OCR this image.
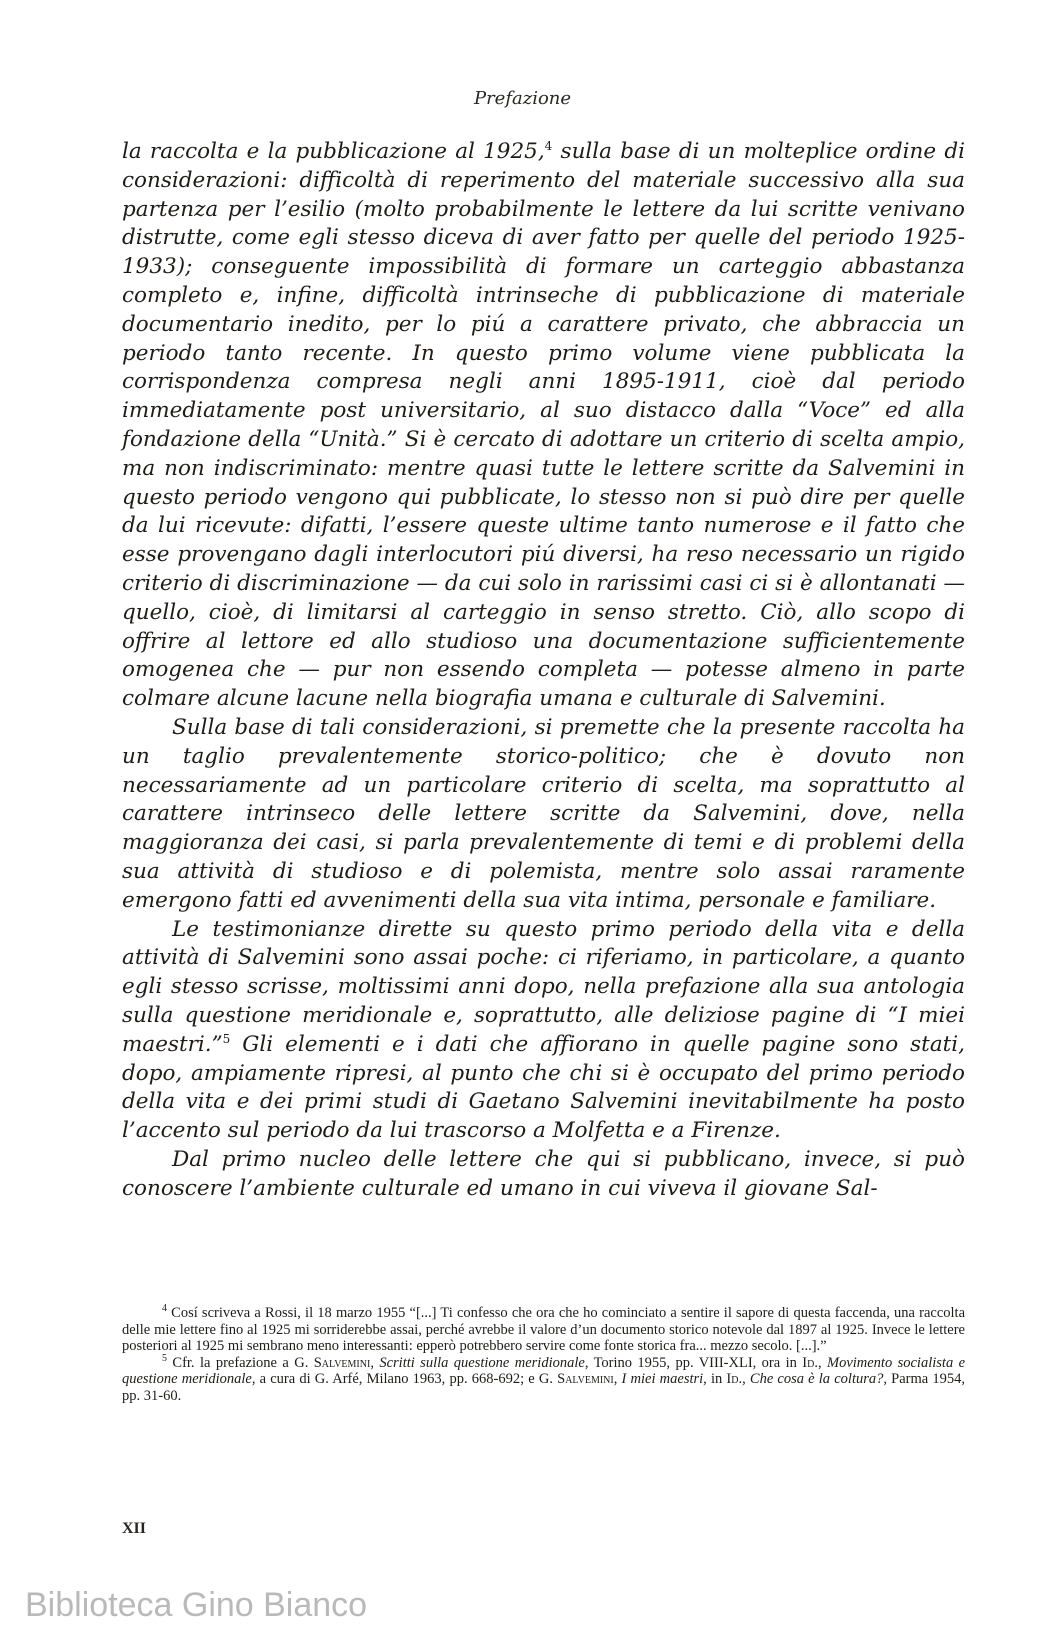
Prefazione

la raccolta e la pubblicazione al 1925,$^4$ sulla base di un molteplice ordine di considerazioni: difficoltà di reperimento del materiale successivo alla sua partenza per l’esilio (molto probabilmente le lettere da lui scritte venivano distrutte, come egli stesso diceva di aver fatto per quelle del periodo 1925-1933); conseguente impossibilità di formare un carteggio abbastanza completo e, infine, difficoltà intrinseche di pubblicazione di materiale documentario inedito, per lo piú a carattere privato, che abbraccia un periodo tanto recente. In questo primo volume viene pubblicata la corrispondenza compresa negli anni 1895-1911, cioè dal periodo immediatamente post universitario, al suo distacco dalla “Voce” ed alla fondazione della “Unità.” Si è cercato di adottare un criterio di scelta ampio, ma non indiscriminato: mentre quasi tutte le lettere scritte da Salvemini in questo periodo vengono qui pubblicate, lo stesso non si può dire per quelle da lui ricevute: difatti, l’essere queste ultime tanto numerose e il fatto che esse provengano dagli interlocutori piú diversi, ha reso necessario un rigido criterio di discriminazione — da cui solo in rarissimi casi ci si è allontanati — quello, cioè, di limitarsi al carteggio in senso stretto. Ciò, allo scopo di offrire al lettore ed allo studioso una documentazione sufficientemente omogenea che — pur non essendo completa — potesse almeno in parte colmare alcune lacune nella biografia umana e culturale di Salvemini.

Sulla base di tali considerazioni, si premette che la presente raccolta ha un taglio prevalentemente storico-politico; che è dovuto non necessariamente ad un particolare criterio di scelta, ma soprattutto al carattere intrinseco delle lettere scritte da Salvemini, dove, nella maggioranza dei casi, si parla prevalentemente di temi e di problemi della sua attività di studioso e di polemista, mentre solo assai raramente emergono fatti ed avvenimenti della sua vita intima, personale e familiare.

Le testimonianze dirette su questo primo periodo della vita e della attività di Salvemini sono assai poche: ci riferiamo, in particolare, a quanto egli stesso scrisse, moltissimi anni dopo, nella prefazione alla sua antologia sulla questione meridionale e, soprattutto, alle deliziose pagine di “I miei maestri.”$^5$ Gli elementi e i dati che affiorano in quelle pagine sono stati, dopo, ampiamente ripresi, al punto che chi si è occupato del primo periodo della vita e dei primi studi di Gaetano Salvemini inevitabilmente ha posto l’accento sul periodo da lui trascorso a Molfetta e a Firenze.

Dal primo nucleo delle lettere che qui si pubblicano, invece, si può conoscere l’ambiente culturale ed umano in cui viveva il giovane Sal-

$^4$ Cosí scriveva a Rossi, il 18 marzo 1955 “[...] Ti confesso che ora che ho cominciato a sentire il sapore di questa faccenda, una raccolta delle mie lettere fino al 1925 mi sorriderebbe assai, perché avrebbe il valore d’un documento storico notevole dal 1897 al 1925. Invece le lettere posteriori al 1925 mi sembrano meno interessanti: epperò potrebbero servire come fonte storica fra... mezzo secolo. [...].”

$^5$ Cfr. la prefazione a G. Salvemini, Scritti sulla questione meridionale, Torino 1955, pp. VIII-XLI, ora in Id., Movimento socialista e questione meridionale, a cura di G. Arfé, Milano 1963, pp. 668-692; e G. Salvemini, I miei maestri, in Id., Che cosa è la coltura?, Parma 1954, pp. 31-60.

XII
Biblioteca Gino Bianco
